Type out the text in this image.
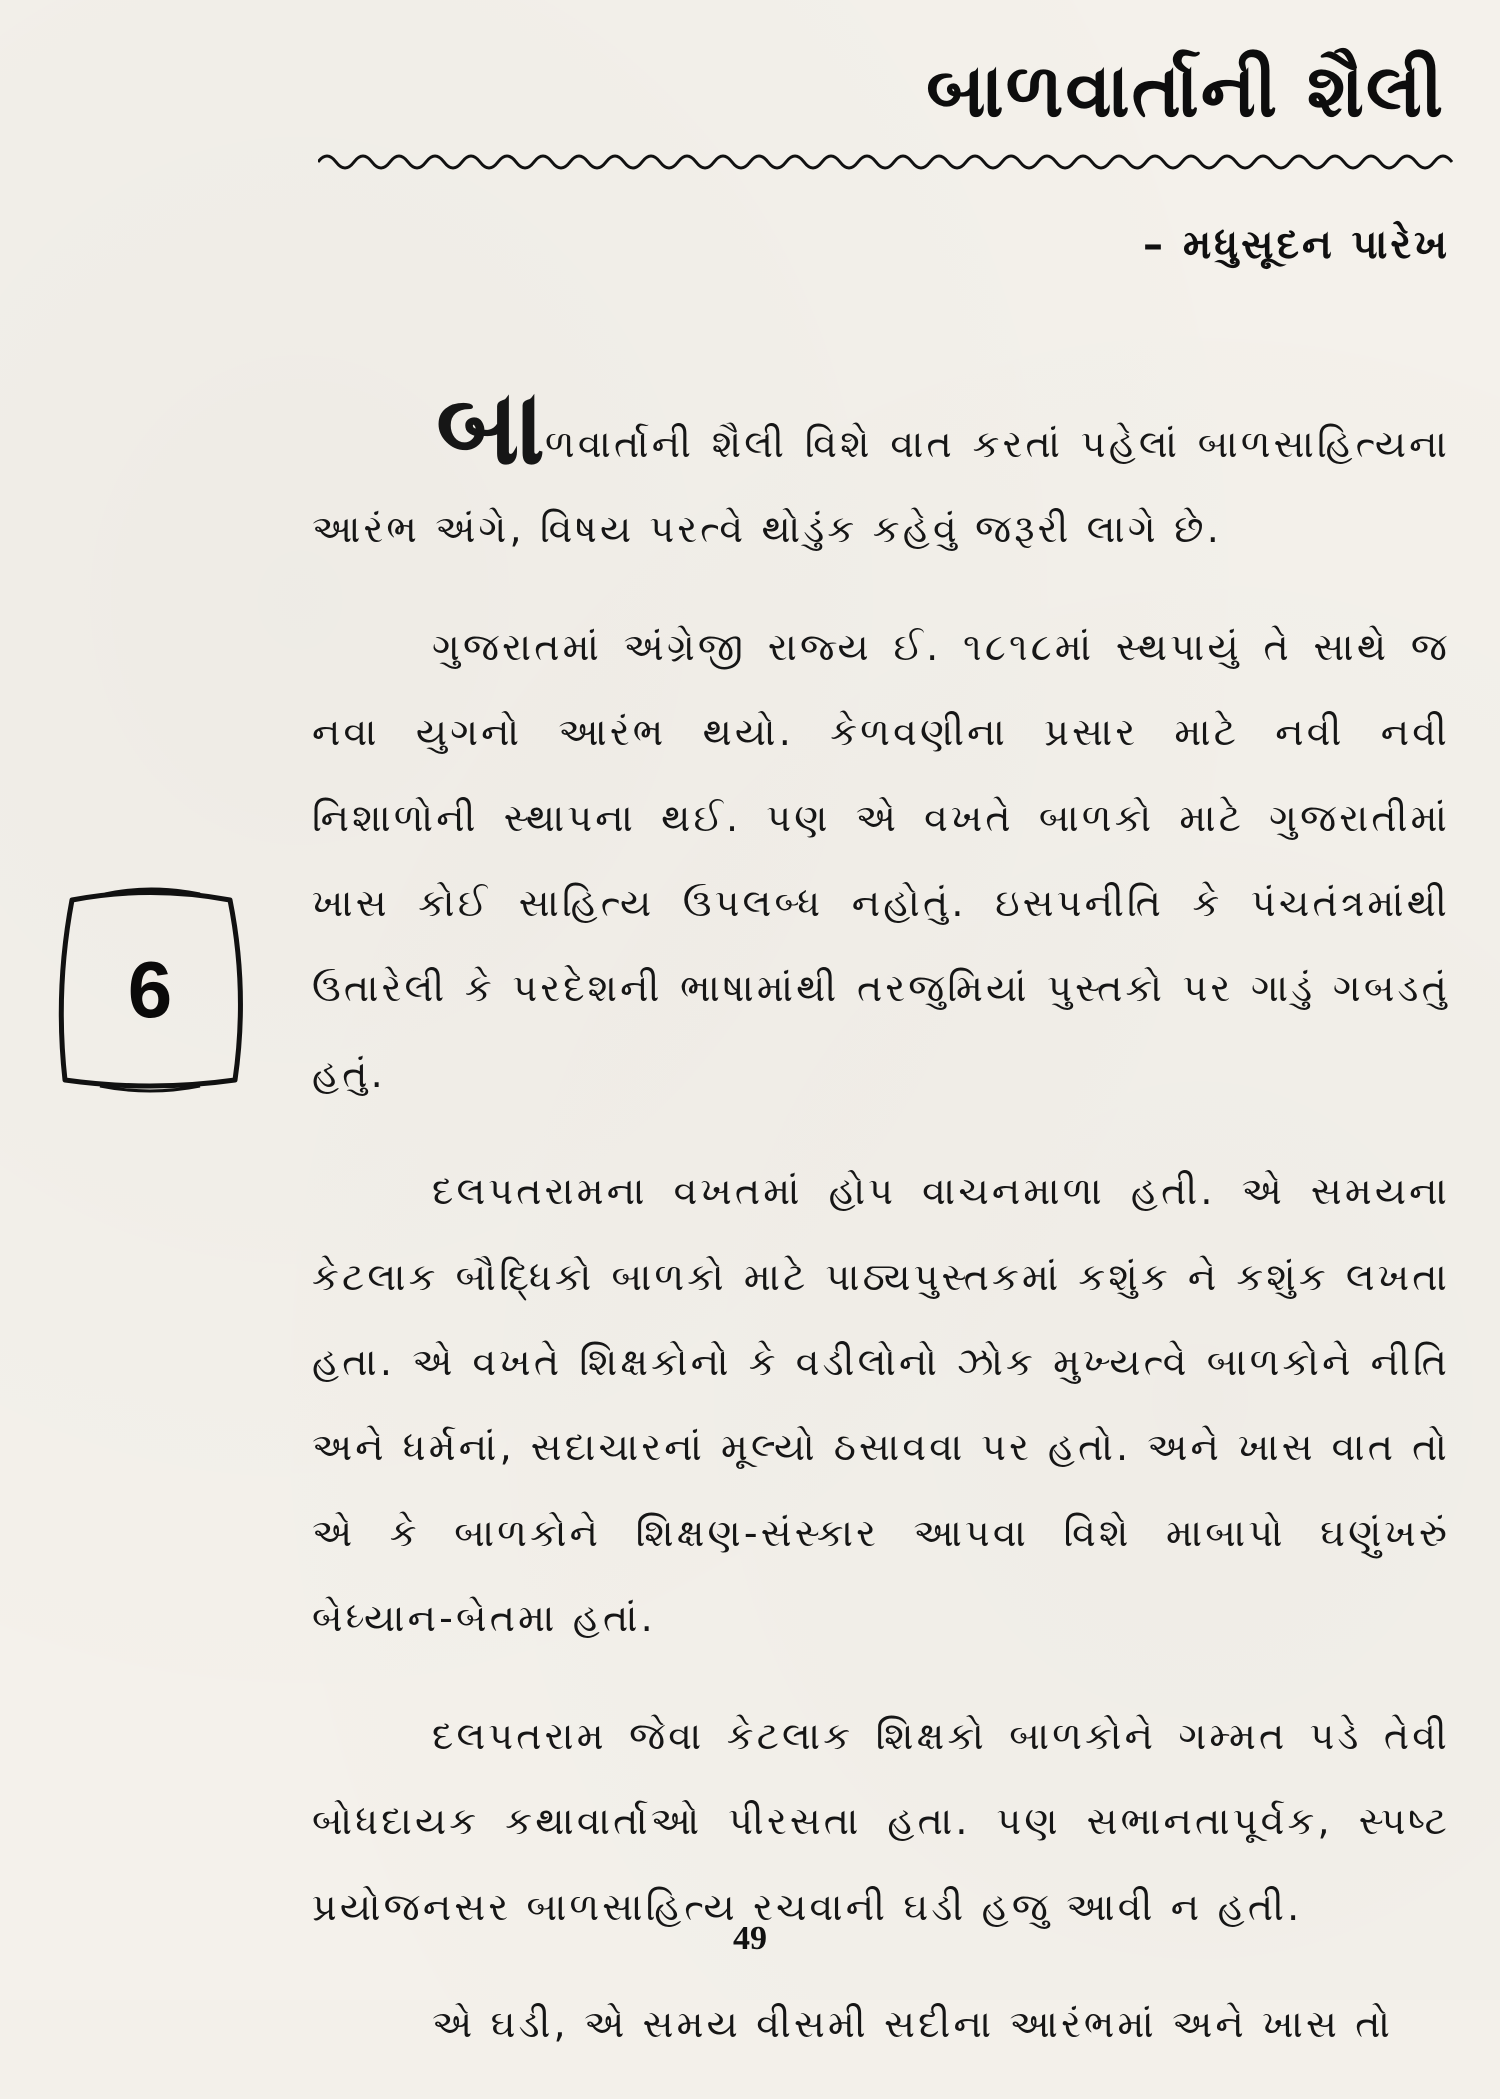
બાળવાર્તાની શૈલી
– મધુસૂદન પારેખ
6

બાળવાર્તાની શૈલી વિશે વાત કરતાં પહેલાં બાળસાહિત્યના આરંભ અંગે, વિષય પરત્વે થોડુંક કહેવું જરૂરી લાગે છે.

ગુજરાતમાં અંગ્રેજી રાજ્ય ઈ. ૧૮૧૮માં સ્થપાયું તે સાથે જ નવા યુગનો આરંભ થયો. કેળવણીના પ્રસાર માટે નવી નવી નિશાળોની સ્થાપના થઈ. પણ એ વખતે બાળકો માટે ગુજરાતીમાં ખાસ કોઈ સાહિત્ય ઉપલબ્ધ નહોતું. ઇસપનીતિ કે પંચતંત્રમાંથી ઉતારેલી કે પરદેશની ભાષામાંથી તરજુમિયાં પુસ્તકો પર ગાડું ગબડતું હતું.

દલપતરામના વખતમાં હોપ વાચનમાળા હતી. એ સમયના કેટલાક બૌદ્ધિકો બાળકો માટે પાઠ્યપુસ્તકમાં કશુંક ને કશુંક લખતા હતા. એ વખતે શિક્ષકોનો કે વડીલોનો ઝોક મુખ્યત્વે બાળકોને નીતિ અને ધર્મનાં, સદાચારનાં મૂલ્યો ઠસાવવા પર હતો. અને ખાસ વાત તો એ કે બાળકોને શિક્ષણ-સંસ્કાર આપવા વિશે માબાપો ઘણુંખરું બેધ્યાન-બેતમા હતાં.

દલપતરામ જેવા કેટલાક શિક્ષકો બાળકોને ગમ્મત પડે તેવી બોધદાયક કથાવાર્તાઓ પીરસતા હતા. પણ સભાનતાપૂર્વક, સ્પષ્ટ પ્રયોજનસર બાળસાહિત્ય રચવાની ઘડી હજુ આવી ન હતી.

એ ઘડી, એ સમય વીસમી સદીના આરંભમાં અને ખાસ તો

49
